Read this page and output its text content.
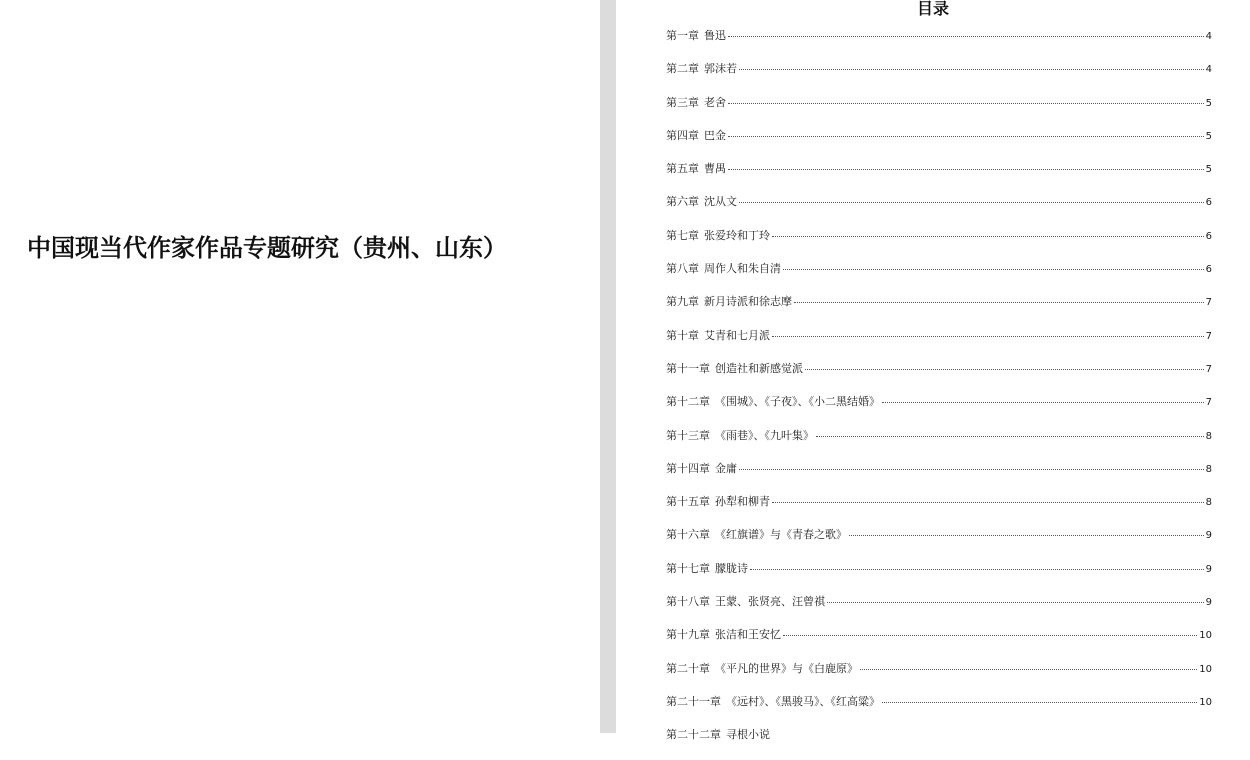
中国现当代作家作品专题研究（贵州、山东）
目录
第一章 鲁迅	4
第二章 郭沫若	4
第三章 老舍	5
第四章 巴金	5
第五章 曹禺	5
第六章 沈从文	6
第七章 张爱玲和丁玲	6
第八章 周作人和朱自清	6
第九章 新月诗派和徐志摩	7
第十章 艾青和七月派	7
第十一章 创造社和新感觉派	7
第十二章 《围城》、《子夜》、《小二黑结婚》	7
第十三章 《雨巷》、《九叶集》	8
第十四章 金庸	8
第十五章 孙犁和柳青	8
第十六章 《红旗谱》与《青春之歌》	9
第十七章 朦胧诗	9
第十八章 王蒙、张贤亮、汪曾祺	9
第十九章 张洁和王安忆	10
第二十章 《平凡的世界》与《白鹿原》	10
第二十一章 《远村》、《黑骏马》、《红高粱》	10
第二十二章 寻根小说
